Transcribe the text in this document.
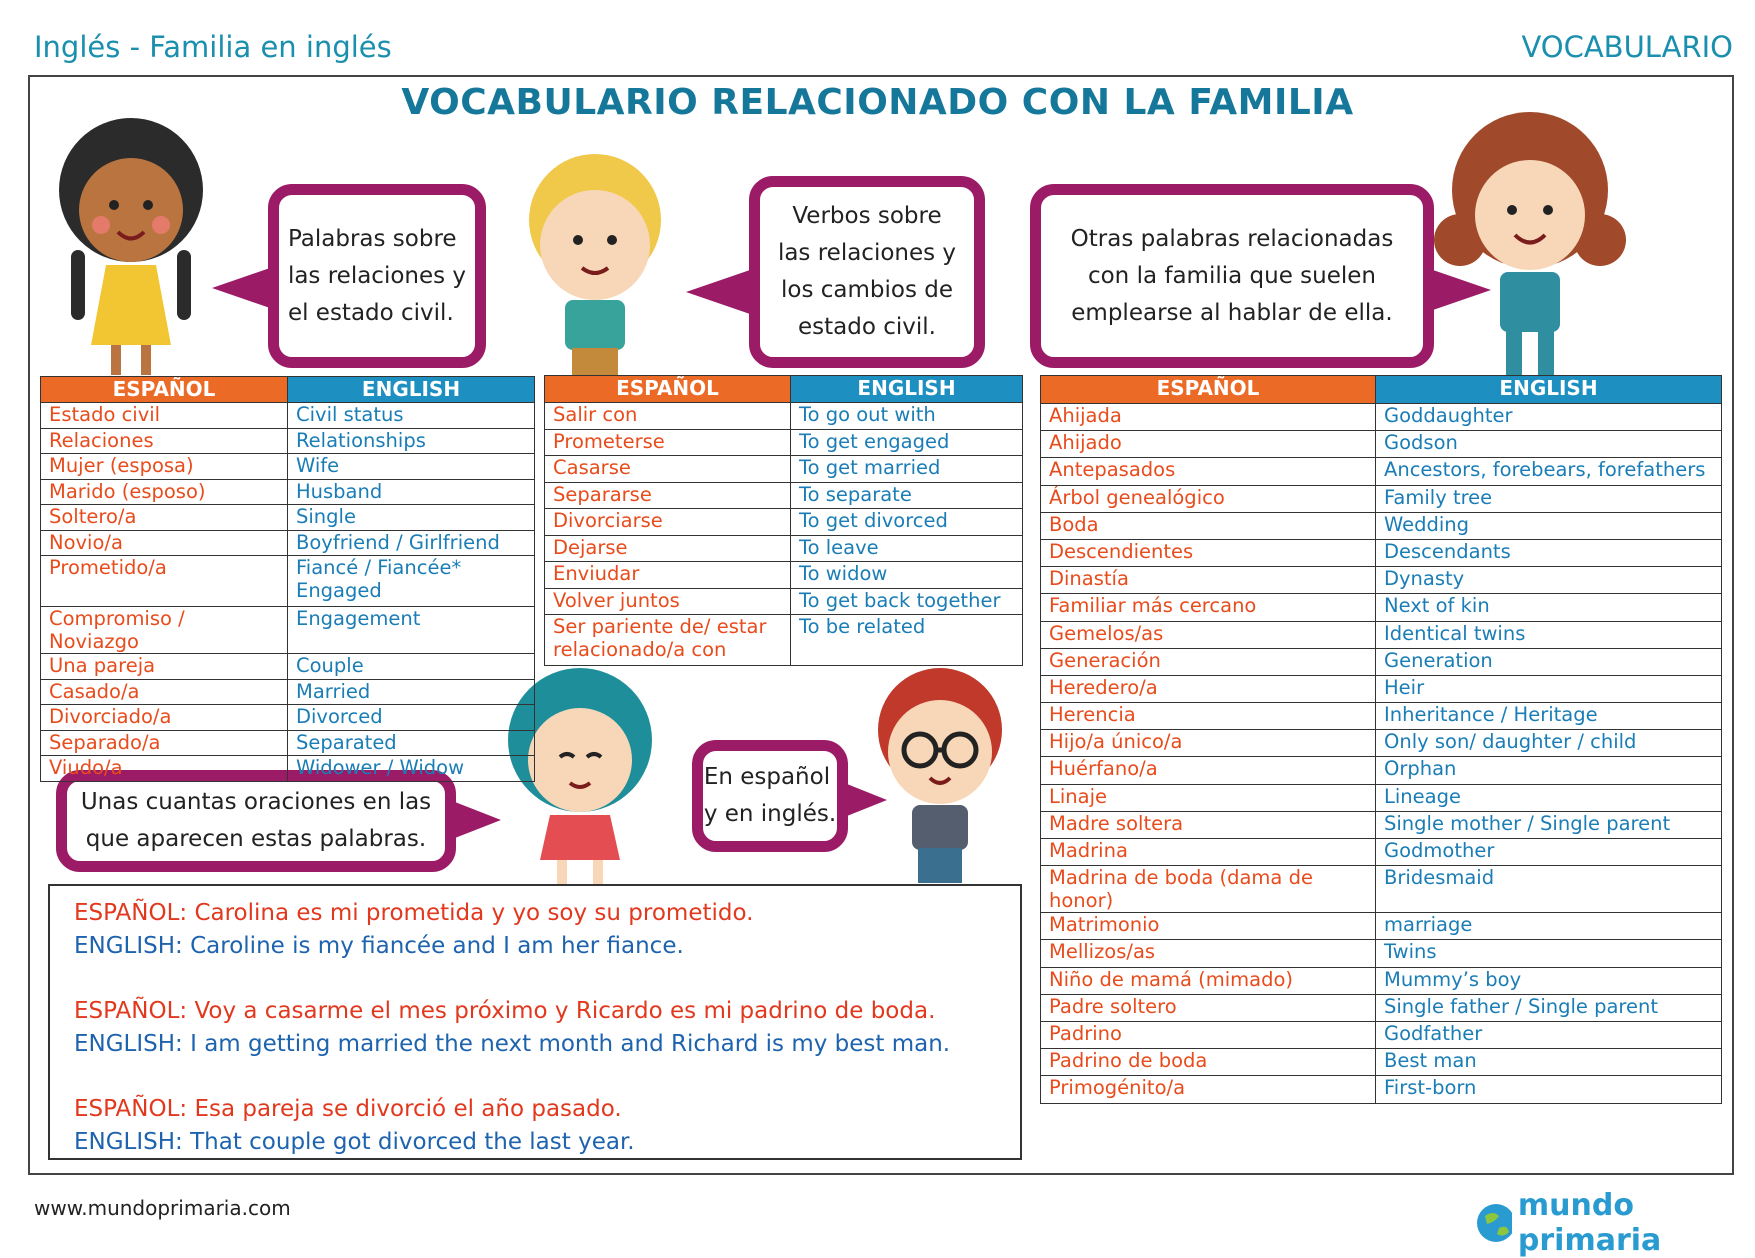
Inglés - Familia en inglés	VOCABULARIO
VOCABULARIO RELACIONADO CON LA FAMILIA
Palabras sobre
las relaciones y
el estado civil.
Verbos sobre
las relaciones y
los cambios de
estado civil.
Otras palabras relacionadas
con la familia que suelen
emplearse al hablar de ella.
Unas cuantas oraciones en las
que aparecen estas palabras.
En español
y en inglés.
ESPAÑOL	ENGLISH
Estado civil	Civil status
Relaciones	Relationships
Mujer (esposa)	Wife
Marido (esposo)	Husband
Soltero/a	Single
Novio/a	Boyfriend / Girlfriend
Prometido/a	Fiancé / Fiancée*
Engaged
Compromiso / Noviazgo	Engagement
Una pareja	Couple
Casado/a	Married
Divorciado/a	Divorced
Separado/a	Separated
Viudo/a	Widower / Widow
ESPAÑOL	ENGLISH
Salir con	To go out with
Prometerse	To get engaged
Casarse	To get married
Separarse	To separate
Divorciarse	To get divorced
Dejarse	To leave
Enviudar	To widow
Volver juntos	To get back together
Ser pariente de/ estar
relacionado/a con	To be related
ESPAÑOL	ENGLISH
Ahijada	Goddaughter
Ahijado	Godson
Antepasados	Ancestors, forebears, forefathers
Árbol genealógico	Family tree
Boda	Wedding
Descendientes	Descendants
Dinastía	Dynasty
Familiar más cercano	Next of kin
Gemelos/as	Identical twins
Generación	Generation
Heredero/a	Heir
Herencia	Inheritance / Heritage
Hijo/a único/a	Only son/ daughter / child
Huérfano/a	Orphan
Linaje	Lineage
Madre soltera	Single mother / Single parent
Madrina	Godmother
Madrina de boda (dama de honor)	Bridesmaid
Matrimonio	marriage
Mellizos/as	Twins
Niño de mamá (mimado)	Mummy’s boy
Padre soltero	Single father / Single parent
Padrino	Godfather
Padrino de boda	Best man
Primogénito/a	First-born
ESPAÑOL: Carolina es mi prometida y yo soy su prometido.
ENGLISH: Caroline is my fiancée and I am her fiance.
ESPAÑOL: Voy a casarme el mes próximo y Ricardo es mi padrino de boda.
ENGLISH: I am getting married the next month and Richard is my best man.
ESPAÑOL: Esa pareja se divorció el año pasado.
ENGLISH: That couple got divorced the last year.
www.mundoprimaria.com	mundo primaria
